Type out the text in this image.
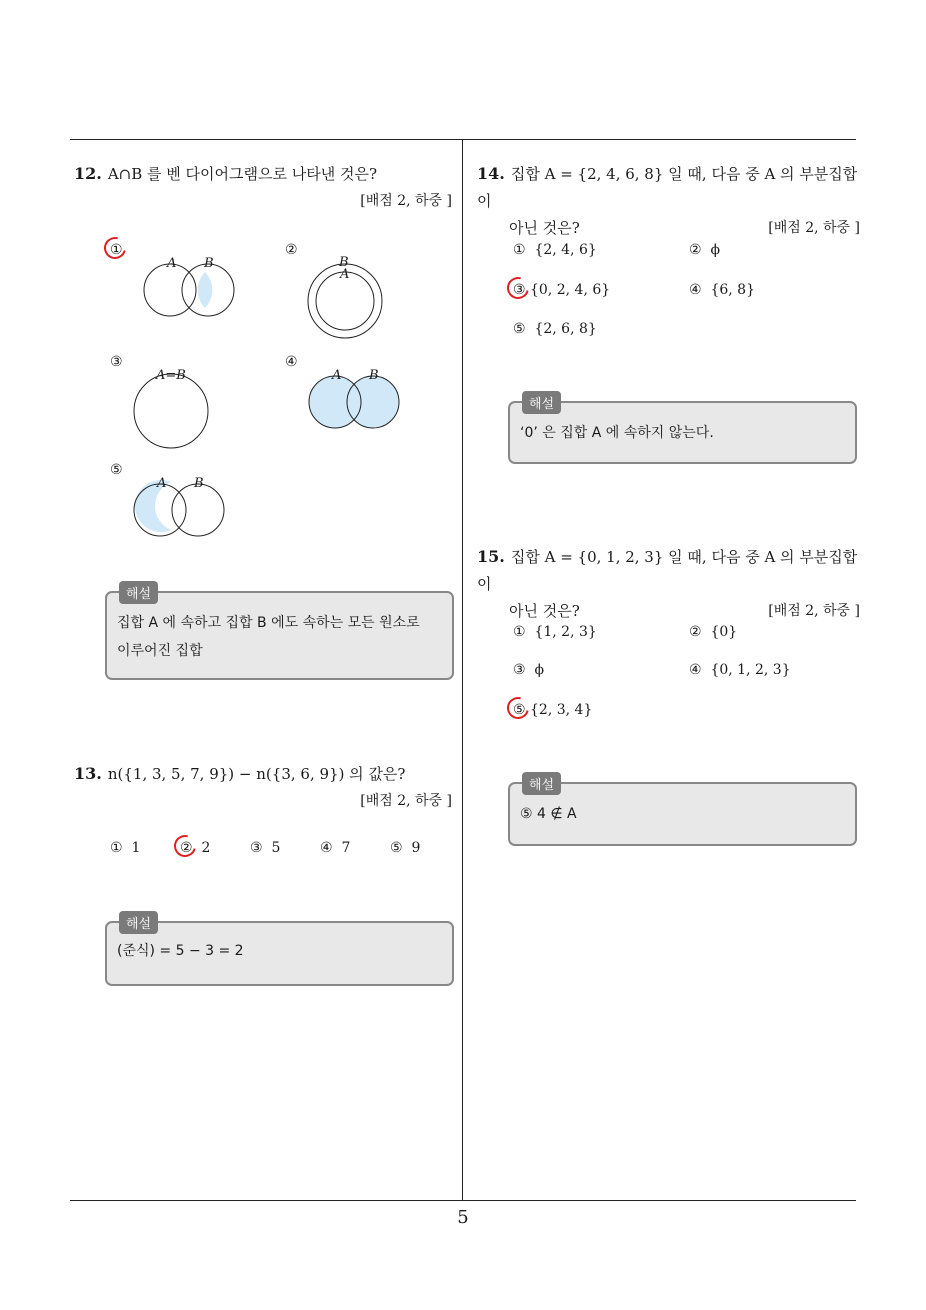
12. A∩B 를 벤 다이어그램으로 나타낸 것은?
[배점 2, 하중 ]
①
A B
②
B
A
③
A=B
④
A B
⑤
A B
해설
집합 A 에 속하고 집합 B 에도 속하는 모든 원소로
이루어진 집합
13. n({1, 3, 5, 7, 9}) − n({3, 6, 9}) 의 값은?
[배점 2, 하중 ]
① 1	② 2	③ 5	④ 7	⑤ 9
해설
(준식) = 5 − 3 = 2
14. 집합 A = {2, 4, 6, 8} 일 때, 다음 중 A 의 부분집합이
아닌 것은?	[배점 2, 하중 ]
① {2, 4, 6}	② ϕ
③ {0, 2, 4, 6}	④ {6, 8}
⑤ {2, 6, 8}
해설
‘0’ 은 집합 A 에 속하지 않는다.
15. 집합 A = {0, 1, 2, 3} 일 때, 다음 중 A 의 부분집합이
아닌 것은?	[배점 2, 하중 ]
① {1, 2, 3}	② {0}
③ ϕ	④ {0, 1, 2, 3}
⑤ {2, 3, 4}
해설
⑤ 4 ∉ A
5
